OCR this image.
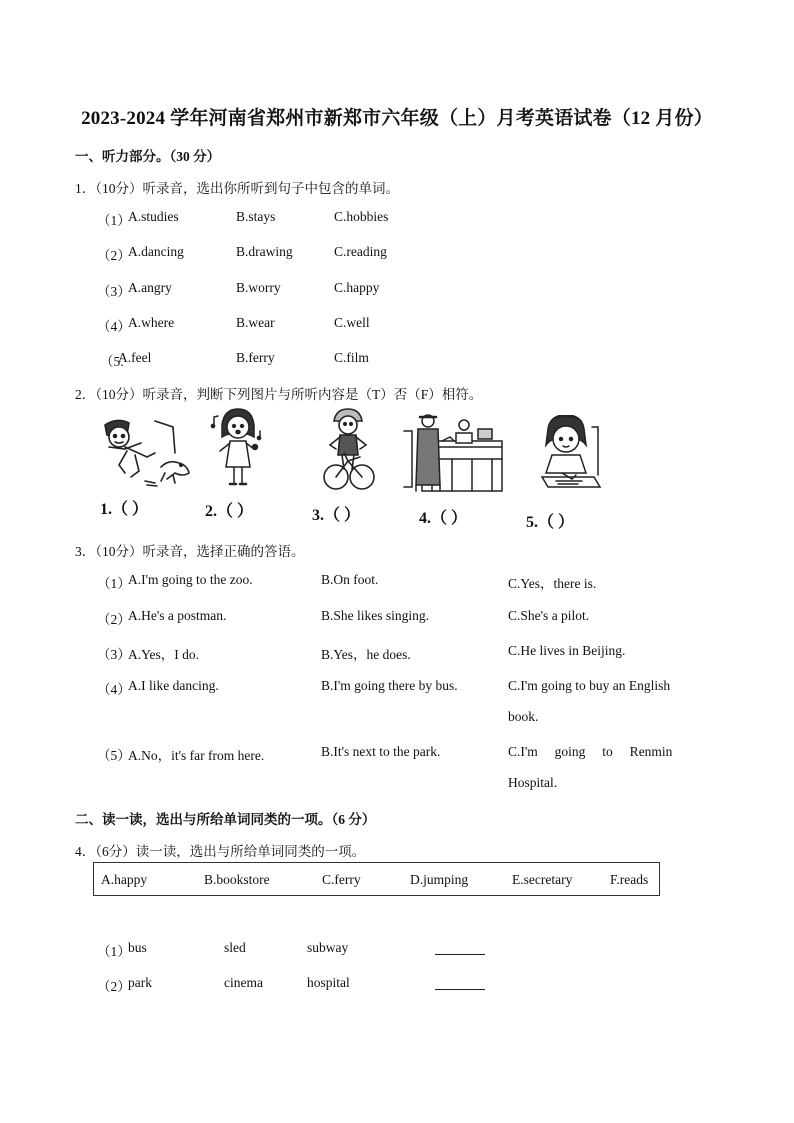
2023-2024 学年河南省郑州市新郑市六年级（上）月考英语试卷（12 月份）
一、听力部分。（30 分）
1．（10分）听录音，选出你所听到句子中包含的单词。
（1）
A.studies	B.stays	C.hobbies
（2）
A.dancing	B.drawing	C.reading
（3）
A.angry	B.worry	C.happy
（4）
A.where	B.wear	C.well
（5.
A.feel	B.ferry	C.film
2．（10分）听录音，判断下列图片与所听内容是（T）否（F）相符。
1.（ ）	2.（ ）	3.（ ）	4.（ ）	5.（ ）
3．（10分）听录音，选择正确的答语。
（1）
A.I'm going to the zoo.	B.On foot.	C.Yes，there is.
（2）
A.He's a postman.	B.She likes singing.	C.She's a pilot.
（3）
A.Yes，I do.	B.Yes，he does.	C.He lives in Beijing.
（4）
A.I like dancing.	B.I'm going there by bus.	C.I'm going to buy an English
book.
（5）
A.No，it's far from here.	B.It's next to the park.	C.I'm     going     to     Renmin
Hospital.
二、读一读，选出与所给单词同类的一项。（6 分）
4．（6分）读一读，选出与所给单词同类的一项。
A.happy	B.bookstore	C.ferry	D.jumping	E.secretary	F.reads
（1）
bus	sled	subway
（2）
park	cinema	hospital
